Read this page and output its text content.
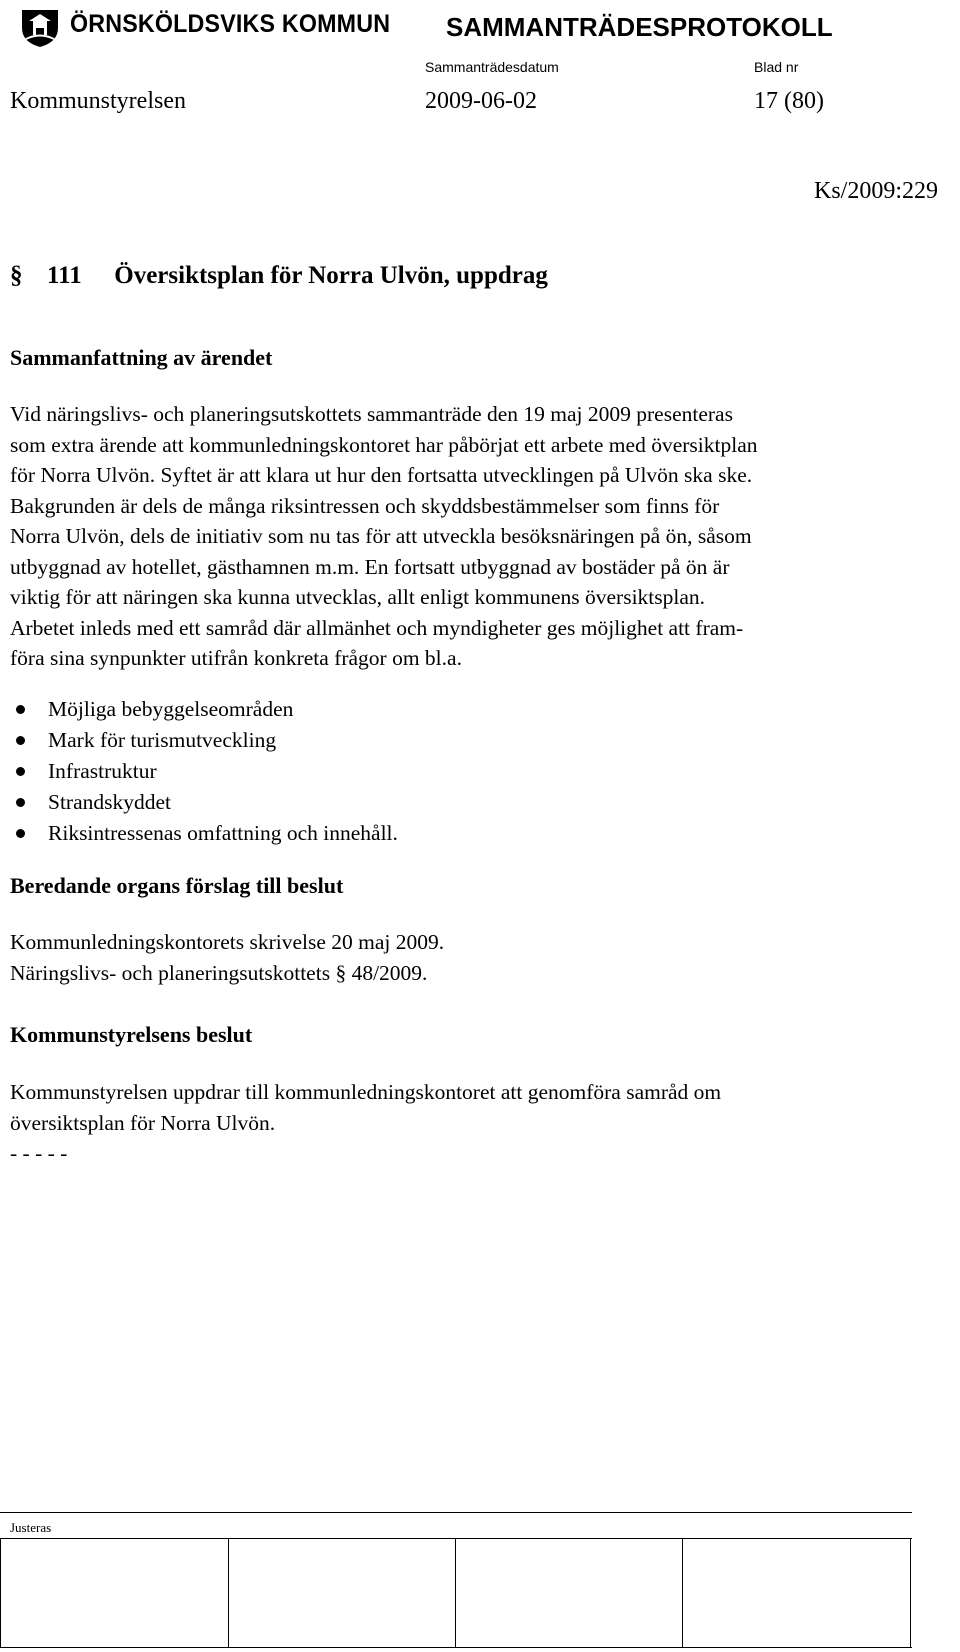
ÖRNSKÖLDSVIKS KOMMUN SAMMANTRÄDESPROTOKOLL
Sammanträdesdatum	Blad nr
Kommunstyrelsen	2009-06-02	17 (80)
Ks/2009:229
§ 111 Översiktsplan för Norra Ulvön, uppdrag
Sammanfattning av ärendet
Vid näringslivs- och planeringsutskottets sammanträde den 19 maj 2009 presenteras
som extra ärende att kommunledningskontoret har påbörjat ett arbete med översiktplan
för Norra Ulvön. Syftet är att klara ut hur den fortsatta utvecklingen på Ulvön ska ske.
Bakgrunden är dels de många riksintressen och skyddsbestämmelser som finns för
Norra Ulvön, dels de initiativ som nu tas för att utveckla besöksnäringen på ön, såsom
utbyggnad av hotellet, gästhamnen m.m. En fortsatt utbyggnad av bostäder på ön är
viktig för att näringen ska kunna utvecklas, allt enligt kommunens översiktsplan.
Arbetet inleds med ett samråd där allmänhet och myndigheter ges möjlighet att fram-
föra sina synpunkter utifrån konkreta frågor om bl.a.
Möjliga bebyggelseområden
Mark för turismutveckling
Infrastruktur
Strandskyddet
Riksintressenas omfattning och innehåll.
Beredande organs förslag till beslut
Kommunledningskontorets skrivelse 20 maj 2009.
Näringslivs- och planeringsutskottets § 48/2009.
Kommunstyrelsens beslut
Kommunstyrelsen uppdrar till kommunledningskontoret att genomföra samråd om
översiktsplan för Norra Ulvön.
- - - - -
Justeras
